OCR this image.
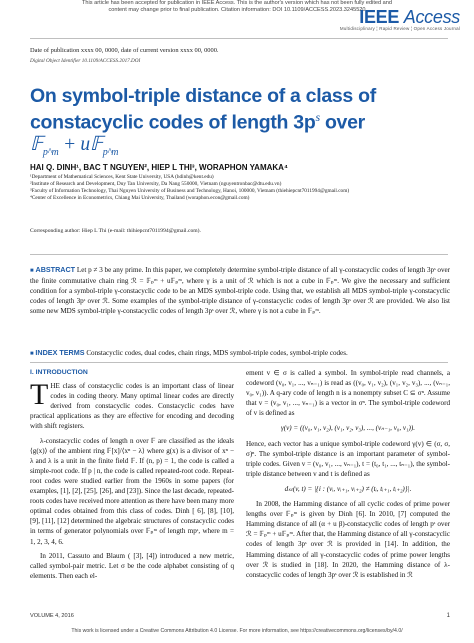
This article has been accepted for publication in IEEE Access. This is the author's version which has not been fully edited and
content may change prior to final publication. Citation information: DOI 10.1109/ACCESS.2023.3245520
IEEE Access
Multidisciplinary ¦ Rapid Review ¦ Open Access Journal
Date of publication xxxx 00, 0000, date of current version xxxx 00, 0000.
Digital Object Identifier 10.1109/ACCESS.2017.DOI
On symbol-triple distance of a class of
constacyclic codes of length $3p^s$ over
𝔽$_{p\^{}m}$ + u𝔽$_{p\^{}m}$
HAI Q. DINH¹, BAC T NGUYEN², HIEP L THI³, WORAPHON YAMAKA⁴
¹Department of Mathematical Sciences, Kent State University, USA (hdinh@kent.edu)
²Institute of Research and Development, Duy Tan University, Da Nang 550000, Vietnam (nguyentronbac@dtu.edu.vn)
³Faculty of Information Technology, Thai Nguyen University of Business and Technology, Hanoi, 100000, Vietnam (thiehiepcnt7011994@gmail.com)
⁴Center of Excellence in Econometrics, Chiang Mai University, Thailand (woraphon.econ@gmail.com)
Corresponding author: Hiep L Thi (e-mail: thihiepcnt7011994@gmail.com).
■ ABSTRACT Let p ≠ 3 be any prime. In this paper, we completely determine symbol-triple distance of all γ-constacyclic codes of length 3pˢ over the finite commutative chain ring ℛ = 𝔽ₚᵐ + u𝔽ₚᵐ, where γ is a unit of ℛ which is not a cube in 𝔽ₚᵐ. We give the necessary and sufficient condition for a symbol-triple γ-constacyclic code to be an MDS symbol-triple code. Using that, we establish all MDS symbol-triple γ-constacyclic codes of length 3pˢ over ℛ. Some examples of the symbol-triple distance of γ-constacyclic codes of length 3pˢ over ℛ are provided. We also list some new MDS symbol-triple γ-constacyclic codes of length 3pˢ over ℛ, where γ is not a cube in 𝔽ₚᵐ.
■ INDEX TERMS Constacyclic codes, dual codes, chain rings, MDS symbol-triple codes, symbol-triple codes.
I. INTRODUCTION

THE class of constacyclic codes is an important class of linear codes in coding theory. Many optimal linear codes are directly derived from constacyclic codes. Constacyclic codes have practical applications as they are effective for encoding and decoding with shift registers.

λ-constacyclic codes of length n over 𝔽 are classified as the ideals ⟨g(x)⟩ of the ambient ring 𝔽[x]/⟨xⁿ − λ⟩ where g(x) is a divisor of xⁿ − λ and λ is a unit in the finite field 𝔽. If (n, p) = 1, the code is called a simple-root code. If p | n, the code is called repeated-root code. Repeat-root codes were studied earlier from the 1960s in some papers (for examples, [1], [2], [25], [26], and [23]). Since the last decade, repeated-roots codes have received more attention as there have been many more optimal codes obtained from this class of codes. Dinh [ 6], [8], [10], [9], [11], [12] determined the algebraic structures of constacyclic codes in terms of generator polynomials over 𝔽ₚᵐ of length mpˢ, where m = 1, 2, 3, 4, 6.

In 2011, Cassuto and Blaum ( [3], [4]) introduced a new metric, called symbol-pair metric. Let σ be the code alphabet consisting of q elements. Then each el-

ement v ∈ σ is called a symbol. In symbol-triple read channels, a codeword (v₀, v₁, ..., vₙ₋₁) is read as ((v₀, v₁, v₂), (v₁, v₂, v₃), ..., (vₙ₋₁, v₀, v₁)). A q-ary code of length n is a nonempty subset C ⊆ σⁿ. Assume that v = (v₀, v₁, ..., vₙ₋₁) is a vector in σⁿ. The symbol-triple codeword of v is defined as

γ(v) = ((v₀, v₁, v₂), (v₁, v₂, v₃), ..., (vₙ₋₁, v₀, v₁)).

Hence, each vector has a unique symbol-triple codeword γ(v) ∈ (σ, σ, σ)ⁿ. The symbol-triple distance is an important parameter of symbol-triple codes. Given v = (v₀, v₁, ..., vₙ₋₁), t = (t₀, t₁, ..., tₙ₋₁), the symbol-triple distance between v and t is defined as

dₛₜ(v, t) = |{i : (vᵢ, vᵢ₊₁, vᵢ₊₂) ≠ (tᵢ, tᵢ₊₁, tᵢ₊₂)}|.

In 2008, the Hamming distance of all cyclic codes of prime power lengths over 𝔽ₚᵐ is given by Dinh [6]. In 2010, [7] computed the Hamming distance of all (α + u β)-constacyclic codes of length pˢ over ℛ = 𝔽ₚᵐ + u𝔽ₚᵐ. After that, the Hamming distance of all γ-constacyclic codes of length 3pˢ over ℛ is provided in [14]. In addition, the Hamming distance of all γ-constacyclic codes of prime power lengths over ℛ is studied in [18]. In 2020, the Hamming distance of λ-constacyclic codes of length 3pˢ over ℛ is established in ℛ

VOLUME 4, 2016	1
This work is licensed under a Creative Commons Attribution 4.0 License. For more information, see https://creativecommons.org/licenses/by/4.0/
